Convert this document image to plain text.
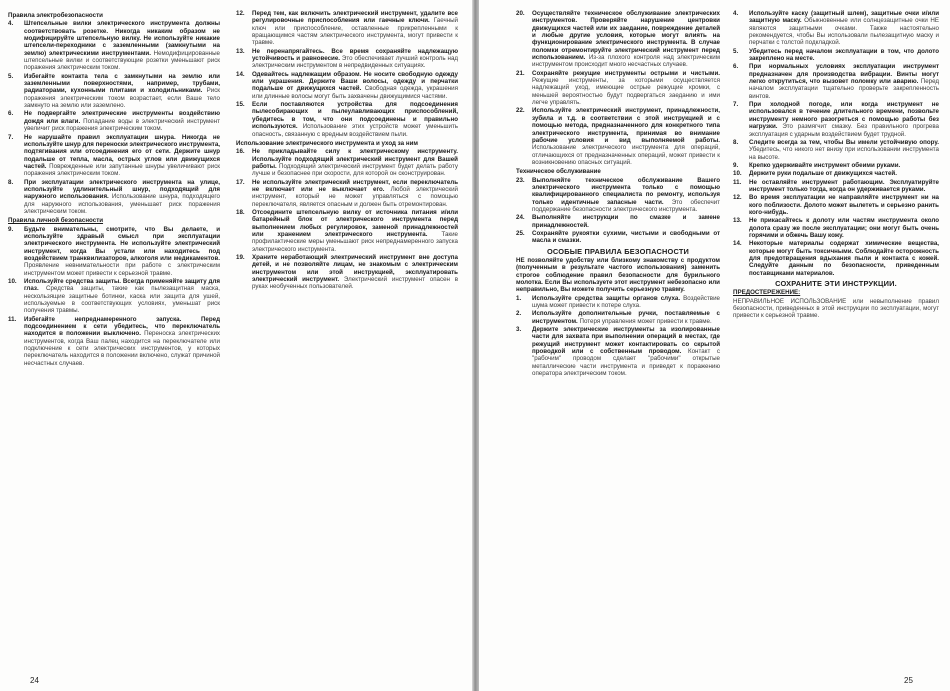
Правила электробезопасности
4.	Штепсельные вилки электрического инструмента должны соответствовать розетке. Никогда никаким образом не модифицируйте штепсельную вилку. Не используйте никакие штепсели-переходники с заземленными (замкнутыми на землю) электрическими инструментами. Немодифицированные штепсельные вилки и соответствующие розетки уменьшают риск поражения электрическим током.
5.	Избегайте контакта тела с замкнутыми на землю или заземленными поверхностями, например, трубами, радиаторами, кухонными плитами и холодильниками. Риск поражения электрическим током возрастает, если Ваше тело замкнуто на землю или заземлено.
6.	Не подвергайте электрические инструменты воздействию дождя или влаги. Попадание воды в электрический инструмент увеличит риск поражения электрическим током.
7.	Не нарушайте правил эксплуатации шнура. Никогда не используйте шнур для переноски электрического инструмента, подтягивания или отсоединения его от сети. Держите шнур подальше от тепла, масла, острых углов или движущихся частей. Поврежденные или запутанные шнуры увеличивают риск поражения электрическим током.
8.	При эксплуатации электрического инструмента на улице, используйте удлинительный шнур, подходящий для наружного использования. Использование шнура, подходящего для наружного использования, уменьшает риск поражения электрическим током.
Правила личной безопасности
9.	Будьте внимательны, смотрите, что Вы делаете, и используйте здравый смысл при эксплуатации электрического инструмента. Не используйте электрический инструмент, когда Вы устали или находитесь под воздействием транквилизаторов, алкоголя или медикаментов. Проявление невнимательности при работе с электрическим инструментом может привести к серьезной травме.
10.	Используйте средства защиты. Всегда применяйте защиту для глаз. Средства защиты, такие как пылезащитная маска, нескользящие защитные ботинки, каска или защита для ушей, используемые в соответствующих условиях, уменьшат риск получения травмы.
11.	Избегайте непреднамеренного запуска. Перед подсоединением к сети убедитесь, что переключатель находится в положении выключено. Переноска электрических инструментов, когда Ваш палец находится на переключателе или подключение к сети электрических инструментов, у которых переключатель находится в положении включено, служат причиной несчастных случаев.
12.	Перед тем, как включить электрический инструмент, удалите все регулировочные приспособления или гаечные ключи. Гаечный ключ или приспособление, оставленные прикрепленными к вращающимся частям электрического инструмента, могут привести к травме.
13.	Не перенапрягайтесь. Все время сохраняйте надлежащую устойчивость и равновесие. Это обеспечивает лучший контроль над электрическим инструментом в непредвиденных ситуациях.
14.	Одевайтесь надлежащим образом. Не носите свободную одежду или украшения. Держите Ваши волосы, одежду и перчатки подальше от движущихся частей. Свободная одежда, украшения или длинные волосы могут быть захвачены движущимися частями.
15.	Если поставляются устройства для подсоединения пылесобирающих и пылеулавливающих приспособлений, убедитесь в том, что они подсоединены и правильно используются. Использование этих устройств может уменьшить опасность, связанную с вредным воздействием пыли.
Использование электрического инструмента и уход за ним
16.	Не прикладывайте силу к электрическому инструменту. Используйте подходящий электрический инструмент для Вашей работы. Подходящий электрический инструмент будет делать работу лучше и безопаснее при скорости, для которой он сконструирован.
17.	Не используйте электрический инструмент, если переключатель не включает или не выключает его. Любой электрический инструмент, который не может управляться с помощью переключателя, является опасным и должен быть отремонтирован.
18.	Отсоедините штепсельную вилку от источника питания и/или батарейный блок от электрического инструмента перед выполнением любых регулировок, заменой принадлежностей или хранением электрического инструмента. Такие профилактические меры уменьшают риск непреднамеренного запуска электрического инструмента.
19.	Храните неработающий электрический инструмент вне доступа детей, и не позволяйте лицам, не знакомым с электрическим инструментом или этой инструкцией, эксплуатировать электрический инструмент. Электрический инструмент опасен в руках необученных пользователей.
24
20.	Осуществляйте техническое обслуживание электрических инструментов. Проверяйте нарушение центровки движущихся частей или их заедание, повреждение деталей и любые другие условия, которые могут влиять на функционирование электрического инструмента. В случае поломки отремонтируйте электрический инструмент перед использованием. Из-за плохого контроля над электрическим инструментом происходит много несчастных случаев.
21.	Сохраняйте режущие инструменты острыми и чистыми. Режущие инструменты, за которыми осуществляется надлежащий уход, имеющие острые режущие кромки, с меньшей вероятностью будут подвергаться заеданию и ими легче управлять.
22.	Используйте электрический инструмент, принадлежности, зубила и т.д. в соответствии с этой инструкцией и с помощью метода, предназначенного для конкретного типа электрического инструмента, принимая во внимание рабочие условия и вид выполняемой работы. Использование электрического инструмента для операций, отличающихся от предназначенных операций, может привести к возникновению опасных ситуаций.
Техническое обслуживание
23.	Выполняйте техническое обслуживание Вашего электрического инструмента только с помощью квалифицированного специалиста по ремонту, используя только идентичные запасные части. Это обеспечит поддержание безопасности электрического инструмента.
24.	Выполняйте инструкции по смазке и замене принадлежностей.
25.	Сохраняйте рукоятки сухими, чистыми и свободными от масла и смазки.
ОСОБЫЕ ПРАВИЛА БЕЗОПАСНОСТИ
НЕ позволяйте удобству или близкому знакомству с продуктом (полученным в результате частого использования) заменить строгое соблюдение правил безопасности для бурильного молотка. Если Вы используете этот инструмент небезопасно или неправильно, Вы можете получить серьезную травму.
1.	Используйте средства защиты органов слуха. Воздействие шума может привести к потере слуха.
2.	Используйте дополнительные ручки, поставляемые с инструментом. Потеря управления может привести к травме.
3.	Держите электрические инструменты за изолированные части для захвата при выполнении операций в местах, где режущий инструмент может контактировать со скрытой проводкой или с собственным проводом. Контакт с "рабочим" проводом сделает "рабочими" открытые металлические части инструмента и приведет к поражению оператора электрическим током.
4.	Используйте каску (защитный шлем), защитные очки и/или защитную маску. Обыкновенные или солнцезащитные очки НЕ являются защитными очками. Также настоятельно рекомендуется, чтобы Вы использовали пылезащитную маску и перчатки с толстой подкладкой.
5.	Убедитесь перед началом эксплуатации в том, что долото закреплено на месте.
6.	При нормальных условиях эксплуатации инструмент предназначен для производства вибрации. Винты могут легко открутиться, что вызовет поломку или аварию. Перед началом эксплуатации тщательно проверьте закрепленность винтов.
7.	При холодной погоде, или когда инструмент не использовался в течение длительного времени, позвольте инструменту немного разогреться с помощью работы без нагрузки. Это размягчит смазку. Без правильного прогрева эксплуатация с ударным воздействием будет трудной.
8.	Следите всегда за тем, чтобы Вы имели устойчивую опору. Убедитесь, что никого нет внизу при использовании инструмента на высоте.
9.	Крепко удерживайте инструмент обеими руками.
10.	Держите руки подальше от движущихся частей.
11.	Не оставляйте инструмент работающим. Эксплуатируйте инструмент только тогда, когда он удерживается руками.
12.	Во время эксплуатации не направляйте инструмент ни на кого поблизости. Долото может вылететь и серьезно ранить кого-нибудь.
13.	Не прикасайтесь к долоту или частям инструмента около долота сразу же после эксплуатации; они могут быть очень горячими и обжечь Вашу кожу.
14.	Некоторые материалы содержат химические вещества, которые могут быть токсичными. Соблюдайте осторожность для предотвращения вдыхания пыли и контакта с кожей. Следуйте данным по безопасности, приведенным поставщиками материалов.
СОХРАНИТЕ ЭТИ ИНСТРУКЦИИ.
ПРЕДОСТЕРЕЖЕНИЕ:
НЕПРАВИЛЬНОЕ ИСПОЛЬЗОВАНИЕ или невыполнение правил безопасности, приведенных в этой инструкции по эксплуатации, могут привести к серьезной травме.
25
